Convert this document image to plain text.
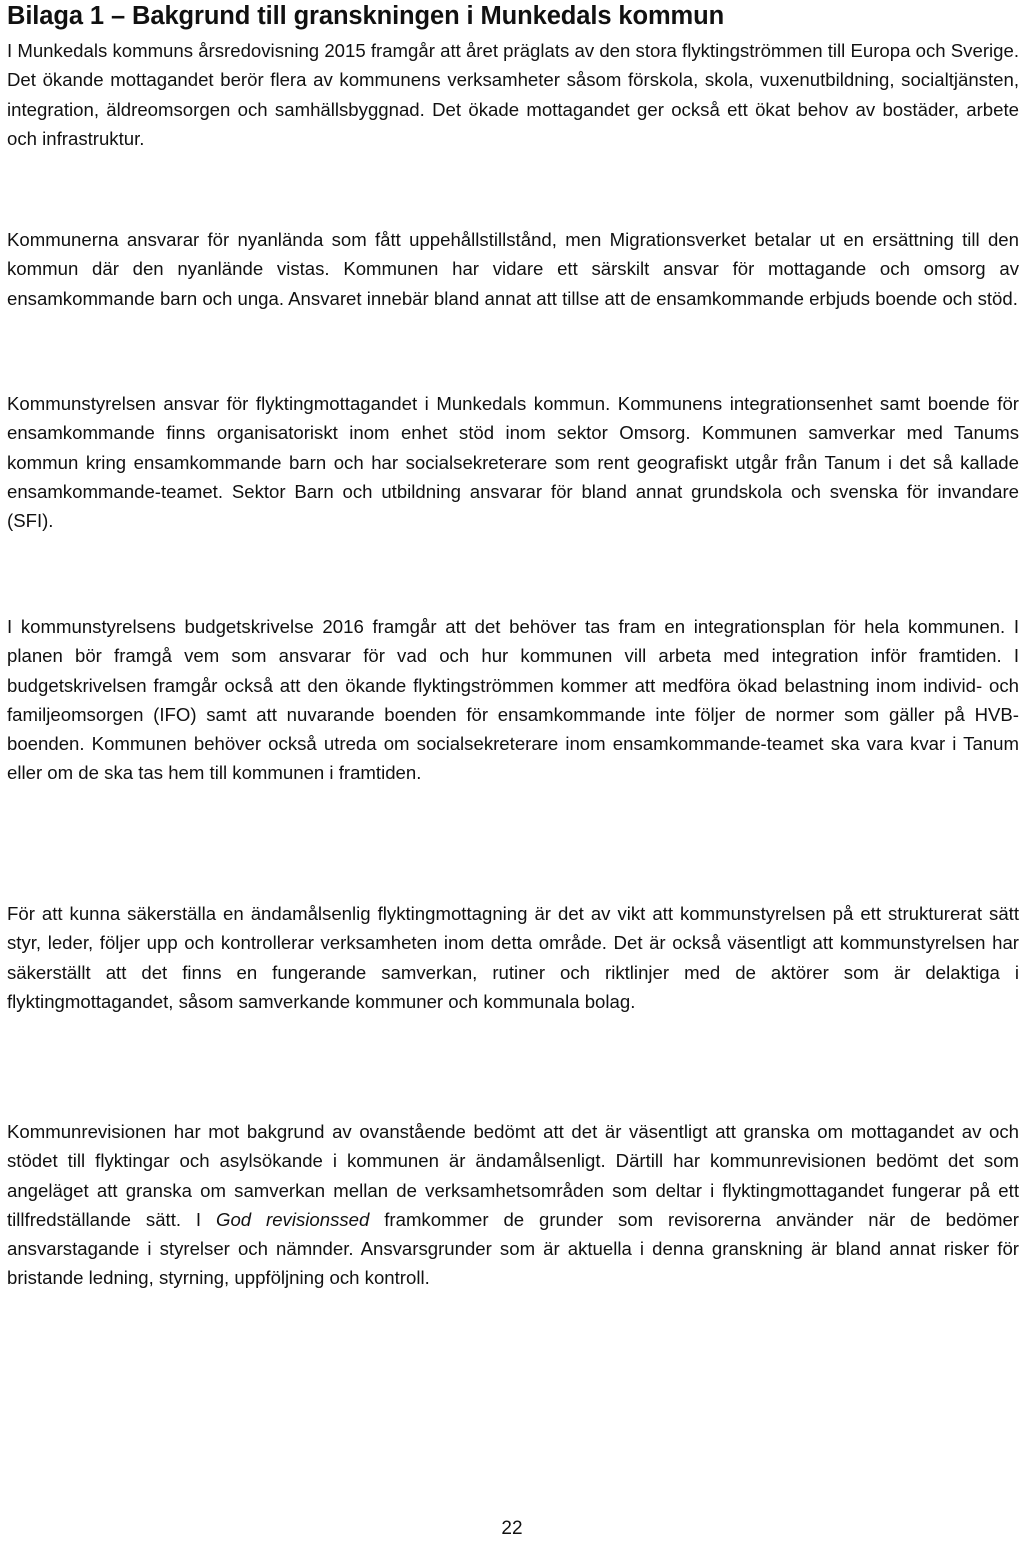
Bilaga 1 – Bakgrund till granskningen i Munkedals kommun

I Munkedals kommuns årsredovisning 2015 framgår att året präglats av den stora flyktingströmmen till Europa och Sverige. Det ökande mottagandet berör flera av kommunens verksamheter såsom förskola, skola, vuxenutbildning, socialtjänsten, integration, äldreomsorgen och samhällsbyggnad. Det ökade mottagandet ger också ett ökat behov av bostäder, arbete och infrastruktur.

Kommunerna ansvarar för nyanlända som fått uppehållstillstånd, men Migrationsverket betalar ut en ersättning till den kommun där den nyanlände vistas. Kommunen har vidare ett särskilt ansvar för mottagande och omsorg av ensamkommande barn och unga. Ansvaret innebär bland annat att tillse att de ensamkommande erbjuds boende och stöd.

Kommunstyrelsen ansvar för flyktingmottagandet i Munkedals kommun. Kommunens integrationsenhet samt boende för ensamkommande finns organisatoriskt inom enhet stöd inom sektor Omsorg. Kommunen samverkar med Tanums kommun kring ensamkommande barn och har socialsekreterare som rent geografiskt utgår från Tanum i det så kallade ensamkommande-teamet. Sektor Barn och utbildning ansvarar för bland annat grundskola och svenska för invandare (SFI).

I kommunstyrelsens budgetskrivelse 2016 framgår att det behöver tas fram en integrationsplan för hela kommunen. I planen bör framgå vem som ansvarar för vad och hur kommunen vill arbeta med integration inför framtiden. I budgetskrivelsen framgår också att den ökande flyktingströmmen kommer att medföra ökad belastning inom individ- och familjeomsorgen (IFO) samt att nuvarande boenden för ensamkommande inte följer de normer som gäller på HVB-boenden. Kommunen behöver också utreda om socialsekreterare inom ensamkommande-teamet ska vara kvar i Tanum eller om de ska tas hem till kommunen i framtiden.

För att kunna säkerställa en ändamålsenlig flyktingmottagning är det av vikt att kommunstyrelsen på ett strukturerat sätt styr, leder, följer upp och kontrollerar verksamheten inom detta område. Det är också väsentligt att kommunstyrelsen har säkerställt att det finns en fungerande samverkan, rutiner och riktlinjer med de aktörer som är delaktiga i flyktingmottagandet, såsom samverkande kommuner och kommunala bolag.

Kommunrevisionen har mot bakgrund av ovanstående bedömt att det är väsentligt att granska om mottagandet av och stödet till flyktingar och asylsökande i kommunen är ändamålsenligt. Därtill har kommunrevisionen bedömt det som angeläget att granska om samverkan mellan de verksamhetsområden som deltar i flyktingmottagandet fungerar på ett tillfredställande sätt. I God revisionssed framkommer de grunder som revisorerna använder när de bedömer ansvarstagande i styrelser och nämnder. Ansvarsgrunder som är aktuella i denna granskning är bland annat risker för bristande ledning, styrning, uppföljning och kontroll.

22
